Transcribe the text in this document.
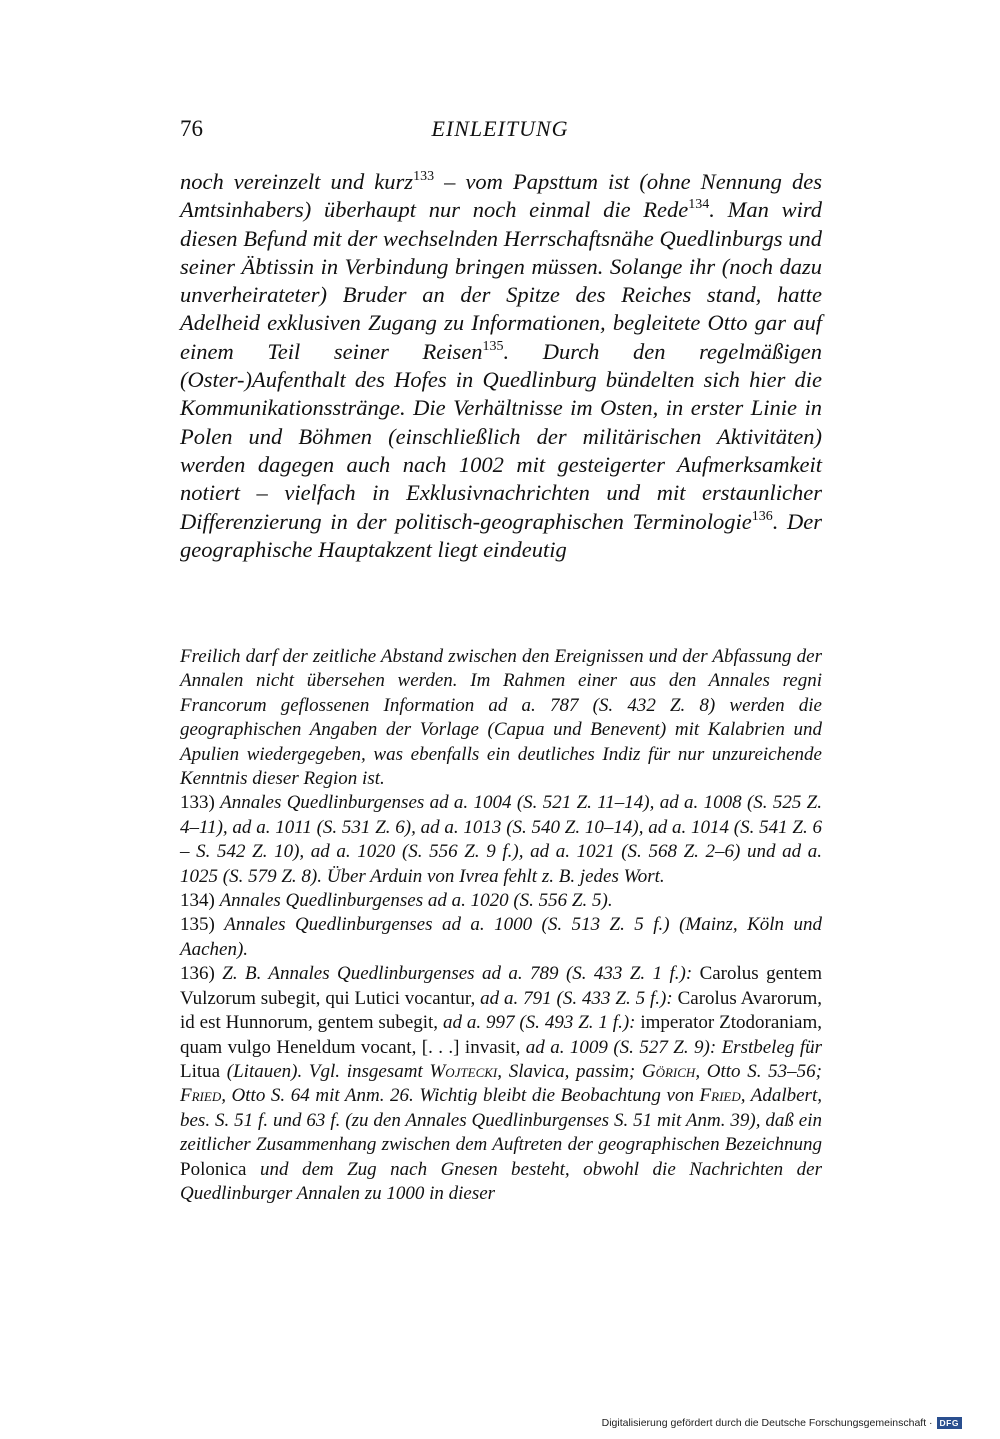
76	EINLEITUNG
noch vereinzelt und kurz$^{133}$ – vom Papsttum ist (ohne Nennung des Amtsinhabers) überhaupt nur noch einmal die Rede$^{134}$. Man wird diesen Befund mit der wechselnden Herrschaftsnähe Quedlinburgs und seiner Äbtissin in Verbindung bringen müssen. Solange ihr (noch dazu unverheirateter) Bruder an der Spitze des Reiches stand, hatte Adelheid exklusiven Zugang zu Informationen, begleitete Otto gar auf einem Teil seiner Reisen$^{135}$. Durch den regelmäßigen (Oster-)Aufenthalt des Hofes in Quedlinburg bündelten sich hier die Kommunikationsstränge. Die Verhältnisse im Osten, in erster Linie in Polen und Böhmen (einschließlich der militärischen Aktivitäten) werden dagegen auch nach 1002 mit gesteigerter Aufmerksamkeit notiert – vielfach in Exklusivnachrichten und mit erstaunlicher Differenzierung in der politisch-geographischen Terminologie$^{136}$. Der geographische Hauptakzent liegt eindeutig

Freilich darf der zeitliche Abstand zwischen den Ereignissen und der Abfassung der Annalen nicht übersehen werden. Im Rahmen einer aus den Annales regni Francorum geflossenen Information ad a. 787 (S. 432 Z. 8) werden die geographischen Angaben der Vorlage (Capua und Benevent) mit Kalabrien und Apulien wiedergegeben, was ebenfalls ein deutliches Indiz für nur unzureichende Kenntnis dieser Region ist.

133) Annales Quedlinburgenses ad a. 1004 (S. 521 Z. 11–14), ad a. 1008 (S. 525 Z. 4–11), ad a. 1011 (S. 531 Z. 6), ad a. 1013 (S. 540 Z. 10–14), ad a. 1014 (S. 541 Z. 6 – S. 542 Z. 10), ad a. 1020 (S. 556 Z. 9 f.), ad a. 1021 (S. 568 Z. 2–6) und ad a. 1025 (S. 579 Z. 8). Über Arduin von Ivrea fehlt z. B. jedes Wort.

134) Annales Quedlinburgenses ad a. 1020 (S. 556 Z. 5).

135) Annales Quedlinburgenses ad a. 1000 (S. 513 Z. 5 f.) (Mainz, Köln und Aachen).

136) Z. B. Annales Quedlinburgenses ad a. 789 (S. 433 Z. 1 f.): Carolus gentem Vulzorum subegit, qui Lutici vocantur, ad a. 791 (S. 433 Z. 5 f.): Carolus Avarorum, id est Hunnorum, gentem subegit, ad a. 997 (S. 493 Z. 1 f.): imperator Ztodoraniam, quam vulgo Heneldum vocant, [. . .] invasit, ad a. 1009 (S. 527 Z. 9): Erstbeleg für Litua (Litauen). Vgl. insgesamt Wojtecki, Slavica, passim; Görich, Otto S. 53–56; Fried, Otto S. 64 mit Anm. 26. Wichtig bleibt die Beobachtung von Fried, Adalbert, bes. S. 51 f. und 63 f. (zu den Annales Quedlinburgenses S. 51 mit Anm. 39), daß ein zeitlicher Zusammenhang zwischen dem Auftreten der geographischen Bezeichnung Polonica und dem Zug nach Gnesen besteht, obwohl die Nachrichten der Quedlinburger Annalen zu 1000 in dieser

Digitalisierung gefördert durch die Deutsche Forschungsgemeinschaft · DFG
